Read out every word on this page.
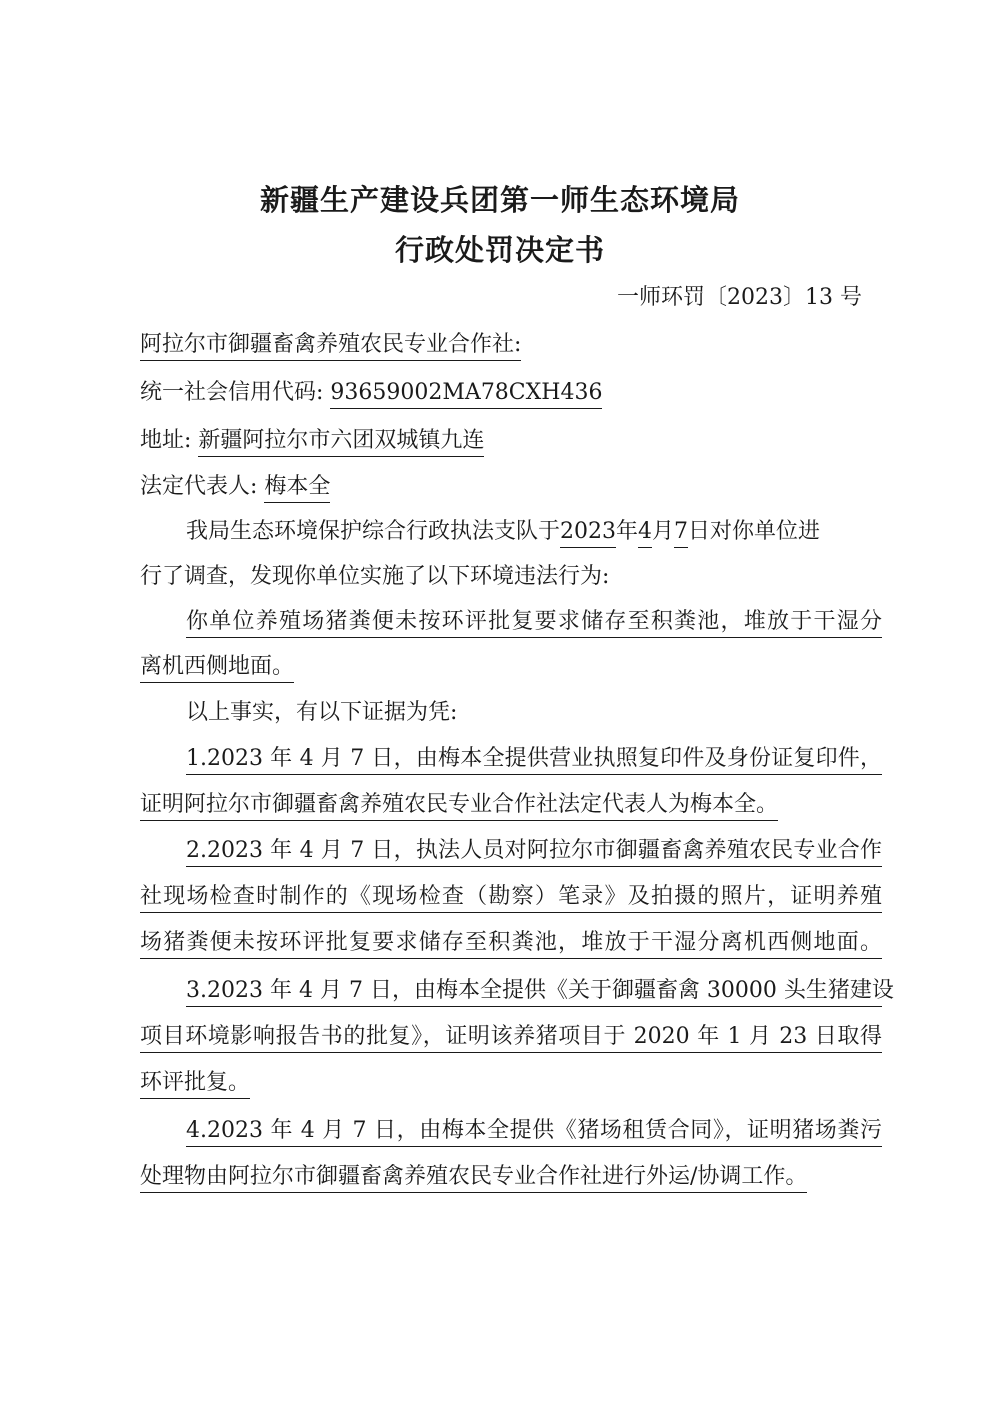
新疆生产建设兵团第一师生态环境局
行政处罚决定书
一师环罚〔2023〕13 号
阿拉尔市御疆畜禽养殖农民专业合作社:
统一社会信用代码: 93659002MA78CXH436
地址: 新疆阿拉尔市六团双城镇九连
法定代表人: 梅本全
我局生态环境保护综合行政执法支队于2023年4月7日对你单位进
行了调查，发现你单位实施了以下环境违法行为:
你单位养殖场猪粪便未按环评批复要求储存至积粪池，堆放于干湿分
离机西侧地面。
以上事实，有以下证据为凭:
1.2023 年 4 月 7 日，由梅本全提供营业执照复印件及身份证复印件，
证明阿拉尔市御疆畜禽养殖农民专业合作社法定代表人为梅本全。
2.2023 年 4 月 7 日，执法人员对阿拉尔市御疆畜禽养殖农民专业合作
社现场检查时制作的《现场检查（勘察）笔录》及拍摄的照片，证明养殖
场猪粪便未按环评批复要求储存至积粪池，堆放于干湿分离机西侧地面。
3.2023 年 4 月 7 日，由梅本全提供《关于御疆畜禽 30000 头生猪建设
项目环境影响报告书的批复》，证明该养猪项目于 2020 年 1 月 23 日取得
环评批复。
4.2023 年 4 月 7 日，由梅本全提供《猪场租赁合同》，证明猪场粪污
处理物由阿拉尔市御疆畜禽养殖农民专业合作社进行外运/协调工作。
